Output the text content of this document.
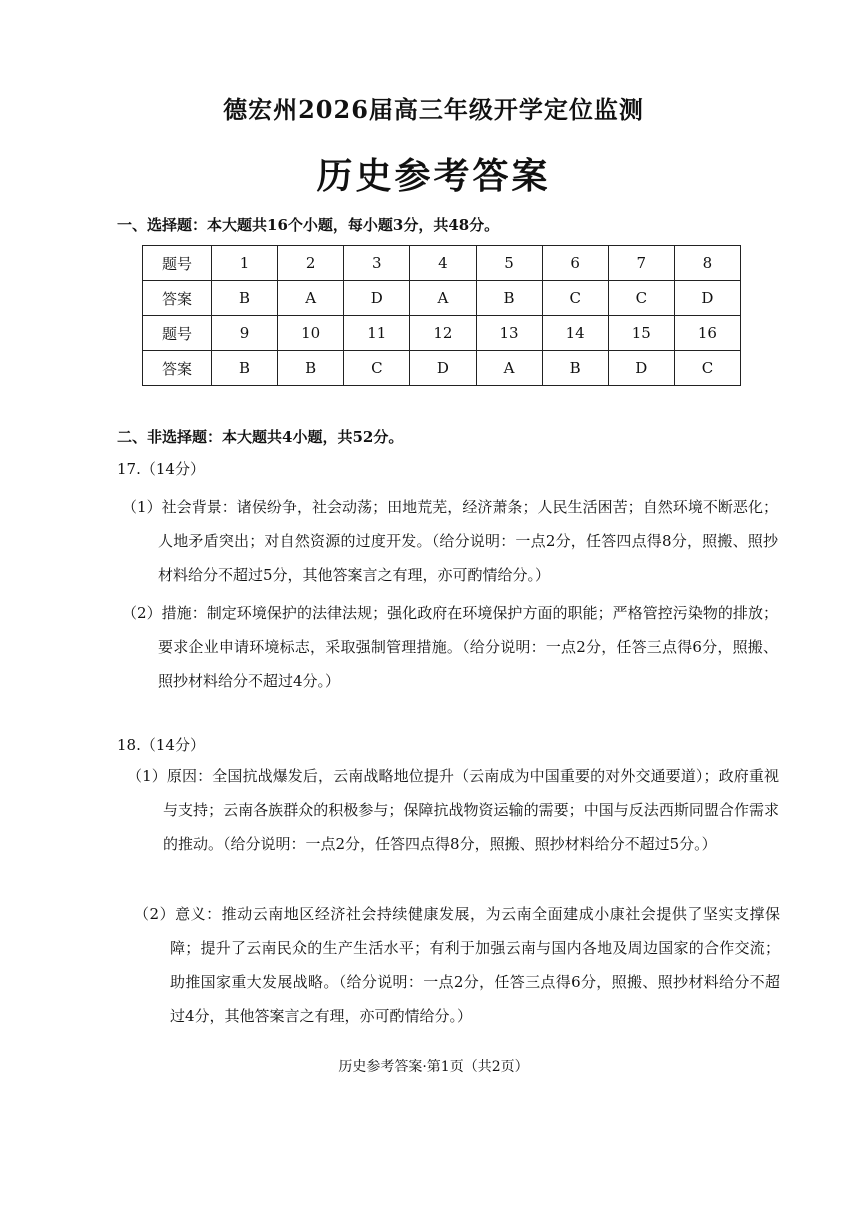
德宏州2026届高三年级开学定位监测
历史参考答案
一、选择题：本大题共16个小题，每小题3分，共48分。
题号	1	2	3	4	5	6	7	8
答案	B	A	D	A	B	C	C	D
题号	9	10	11	12	13	14	15	16
答案	B	B	C	D	A	B	D	C
二、非选择题：本大题共4小题，共52分。
17.（14分）
（1）社会背景：诸侯纷争，社会动荡；田地荒芜，经济萧条；人民生活困苦；自然环境不断恶化；人地矛盾突出；对自然资源的过度开发。（给分说明：一点2分，任答四点得8分，照搬、照抄材料给分不超过5分，其他答案言之有理，亦可酌情给分。）
（2）措施：制定环境保护的法律法规；强化政府在环境保护方面的职能；严格管控污染物的排放；要求企业申请环境标志，采取强制管理措施。（给分说明：一点2分，任答三点得6分，照搬、照抄材料给分不超过4分。）
18.（14分）
（1）原因：全国抗战爆发后，云南战略地位提升（云南成为中国重要的对外交通要道）；政府重视与支持；云南各族群众的积极参与；保障抗战物资运输的需要；中国与反法西斯同盟合作需求的推动。（给分说明：一点2分，任答四点得8分，照搬、照抄材料给分不超过5分。）
（2）意义：推动云南地区经济社会持续健康发展，为云南全面建成小康社会提供了坚实支撑保障；提升了云南民众的生产生活水平；有利于加强云南与国内各地及周边国家的合作交流；助推国家重大发展战略。（给分说明：一点2分，任答三点得6分，照搬、照抄材料给分不超过4分，其他答案言之有理，亦可酌情给分。）
历史参考答案·第1页（共2页）
